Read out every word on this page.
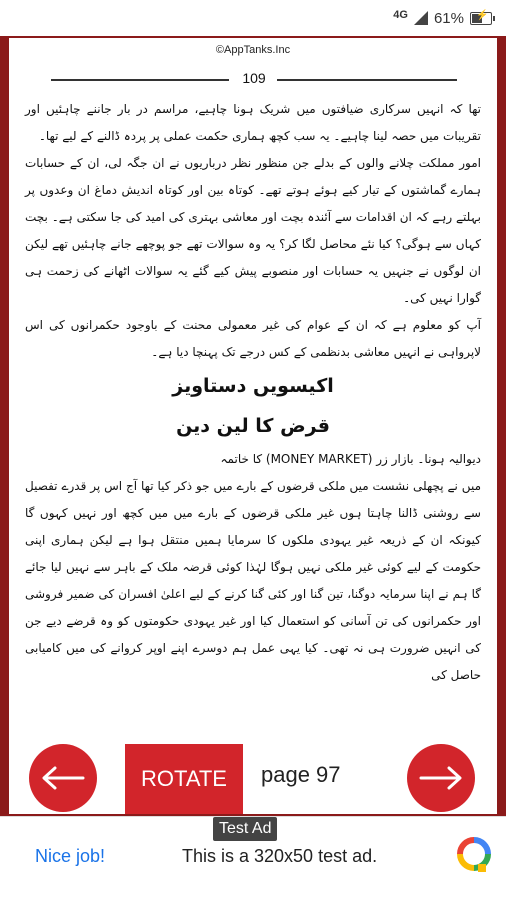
4G 61% ⚡
©AppTanks.Inc
109

تھا کہ انہیں سرکاری ضیافتوں میں شریک ہونا چاہیے، مراسم در بار جاننے چاہئیں اور تقریبات میں حصہ لینا چاہیے۔ یہ سب کچھ ہماری حکمت عملی پر پردہ ڈالنے کے لیے تھا۔

امور مملکت چلانے والوں کے بدلے جن منظور نظر درباریوں نے ان جگہ لی، ان کے حسابات ہمارے گماشتوں کے تیار کیے ہوئے ہوتے تھے۔ کوتاہ بین اور کوتاہ اندیش دماغ ان وعدوں پر بہلتے رہے کہ ان اقدامات سے آئندہ بچت اور معاشی بہتری کی امید کی جا سکتی ہے۔ بچت کہاں سے ہوگی؟ کیا نئے محاصل لگا کر؟ یہ وہ سوالات تھے جو پوچھے جانے چاہئیں تھے لیکن ان لوگوں نے جنہیں یہ حسابات اور منصوبے پیش کیے گئے یہ سوالات اٹھانے کی زحمت ہی گوارا نہیں کی۔

آپ کو معلوم ہے کہ ان کے عوام کی غیر معمولی محنت کے باوجود حکمرانوں کی اس لاپرواہی نے انہیں معاشی بدنظمی کے کس درجے تک پہنچا دیا ہے۔

اکیسویں دستاویز

قرض کا لین دین

دیوالیہ ہونا۔ بازار زر (MONEY MARKET) کا خاتمہ

میں نے پچھلی نشست میں ملکی قرضوں کے بارے میں جو ذکر کیا تھا آج اس پر قدرے تفصیل سے روشنی ڈالنا چاہتا ہوں غیر ملکی قرضوں کے بارے میں میں کچھ اور نہیں کہوں گا کیونکہ ان کے ذریعہ غیر یہودی ملکوں کا سرمایا ہمیں منتقل ہوا ہے لیکن ہماری اپنی حکومت کے لیے کوئی غیر ملکی نہیں ہوگا لہٰذا کوئی قرضہ ملک کے باہر سے نہیں لیا جائے گا ہم نے اپنا سرمایہ دوگنا، تین گنا اور کئی گنا کرنے کے لیے اعلیٰ افسران کی ضمیر فروشی اور حکمرانوں کی تن آسانی کو استعمال کیا اور غیر یہودی حکومتوں کو وہ قرضے دیے جن کی انہیں ضرورت ہی نہ تھی۔ کیا یہی عمل ہم دوسرے اپنے اوپر کروانے کی میں کامیابی حاصل کی

ROTATE	page 97
Test Ad
Nice job!	This is a 320x50 test ad.
